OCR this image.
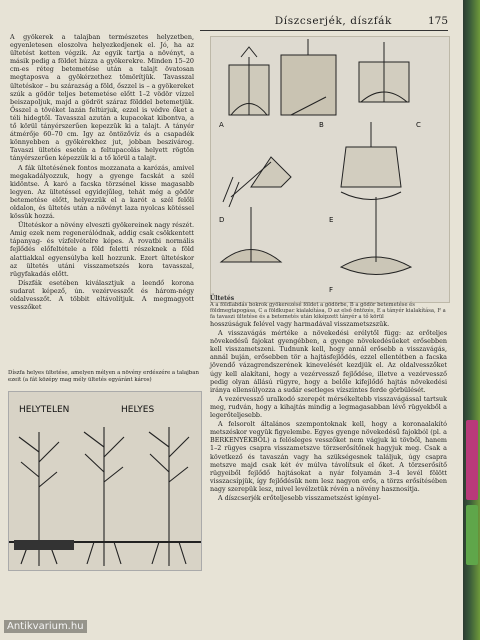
Díszcserjék, díszfák	175

A gyökerek a talajban természetes helyzetben, egyenletesen eloszolva helyezkedjenek el. Jó, ha az ültetést ketten végzik. Az egyik tartja a növényt, a másik pedig a földet húzza a gyökerekre. Minden 15–20 cm-es réteg betemetése után a talajt övatosan megtaposva a gyökérzethez tömörítjük. Tavasszal ültetéskor – bu szárazság a föld, őszzel is – a gyökereket szúk a gödör teljes betemetése előtt 1–2 vödör vízzel beiszapoljuk, majd a gödröt száraz földdel betemetjük. Ősszel a tövéket lazán feltúrjuk, ezzel is védve őket a téli hidegtől. Tavasszal azután a kupacokat kibontva, a tő körül tányérszerűen kepezzük ki a talajt. A tányér átmérője 60–70 cm. Igy az öntözővíz és a csapadék könnyebben a gyökérekhez jut, jobban beszivárog. Tavaszi ültetés esetén a feltupacolás helyett rögtön tányérszerűen képezzük ki a tő körül a talajt.

A fák ültetésének fontos mozzanata a karózás, amivel megakadályozzuk, hogy a gyenge facskát a szél kidöntse. A karó a facska törzsénel kisse magasabb legyen. Az ültetéssel egyidejűleg, tehát még a gödör betemetése előtt, helyezzük el a karót a szél felőli oldalon, és ültetés után a növényt laza nyolcas kötéssel kössük hozzá.

Ültetéskor a növény elveszti gyökereinek nagy részét. Amig ezek nem regenerálódnak, addig csak csökkentett tápanyag- és vízfelvételre képes. A rovatbi normális fejlődés előfeltétele a föld feletti részeknek a föld alattiakkal egyensúlyba kell hozzunk. Ezert ültetéskor az ültetés utáni visszametszés kora tavasszal, rügyfakadás előtt.

Díszfák esetében kiválasztjuk a leendő korona sudarat képező, ún. vezérvesszőt és három-négy oldalvesszőt. A többit eltávolítjuk. A megmagyott vesszőket

A	B	C
D	E
F
Ültetés
A a földlabdás bokrok gyökerezésé földet a gödörbe, B a gödör betemetése és földmegtapogása, C a földkupac kialakítása, D az első öntözés, E a tányér kialakítása, F a fa tavaszi ültetése és a betemetés után kiképzett tányér a tő körül
Díszfa helyes ültetése, amelyen mélyen a növény erdészére a talajban ezeit (a fát középy mag mély ültetés egyáránt káros)
HELYTELEN	HELYES

hosszúságuk felével vagy harmadával visszametszszük.

A visszavágás mértéke a növekedési erélytől függ: az erőteljes növekedésű fajokat gyengébben, a gyenge növekedésűeket erősebben kell visszametszeni. Tudnunk kell, hogy annál erősebb a visszavágás, annál buján, erősebben tör a hajtásfejlődés, ezzel ellentétben a facska jövendő vázagrendszerének kinevelését kezdjük el. Az oldalvesszőket úgy kell alakítani, hogy a vezérvessző fejlődése, illetve a vezérvessző pedig olyan állású rügyre, hogy a belőle kifejlődő hajtás növekedési iránya ellensúlyozza a sudár esetleges vízszintes ferde görbülését.

A vezérvessző uralkodó szerepét mérsékeltebb visszavágással tartsuk meg, rudván, hogy a kihajtás mindig a legmagasabban lévő rügyekből a legerőteljesebb.

A felsorolt általános szempontoknak kell, hogy a koronaalakító metszéskor vegyük figyelembe. Egyes gyenge növekedésű fajokból (pl. a BERKENYÉKBŐL) a felösleges vesszőket nem vágjuk ki tövből, hanem 1–2 rügyes csapra visszametszve törzserősítőnek hagyjuk meg. Csak a következő és tavaszán vagy ha szükségesnek találjuk, úgy csapra metszve majd csak két év múlva távolítsuk el őket. A törzserősítő rügyeiből fejlődő hajtásokat a nyár folyamán 3–4 levél fölött visszacsípjük, így fejlődésük nem lesz nagyon erős, a törzs erősítésében nagy szerepük lesz, mivel levélzetük révén a növény hasznosítja.

A díszcserjék erőteljesebb visszametszést igényel-

Antikvarium.hu
